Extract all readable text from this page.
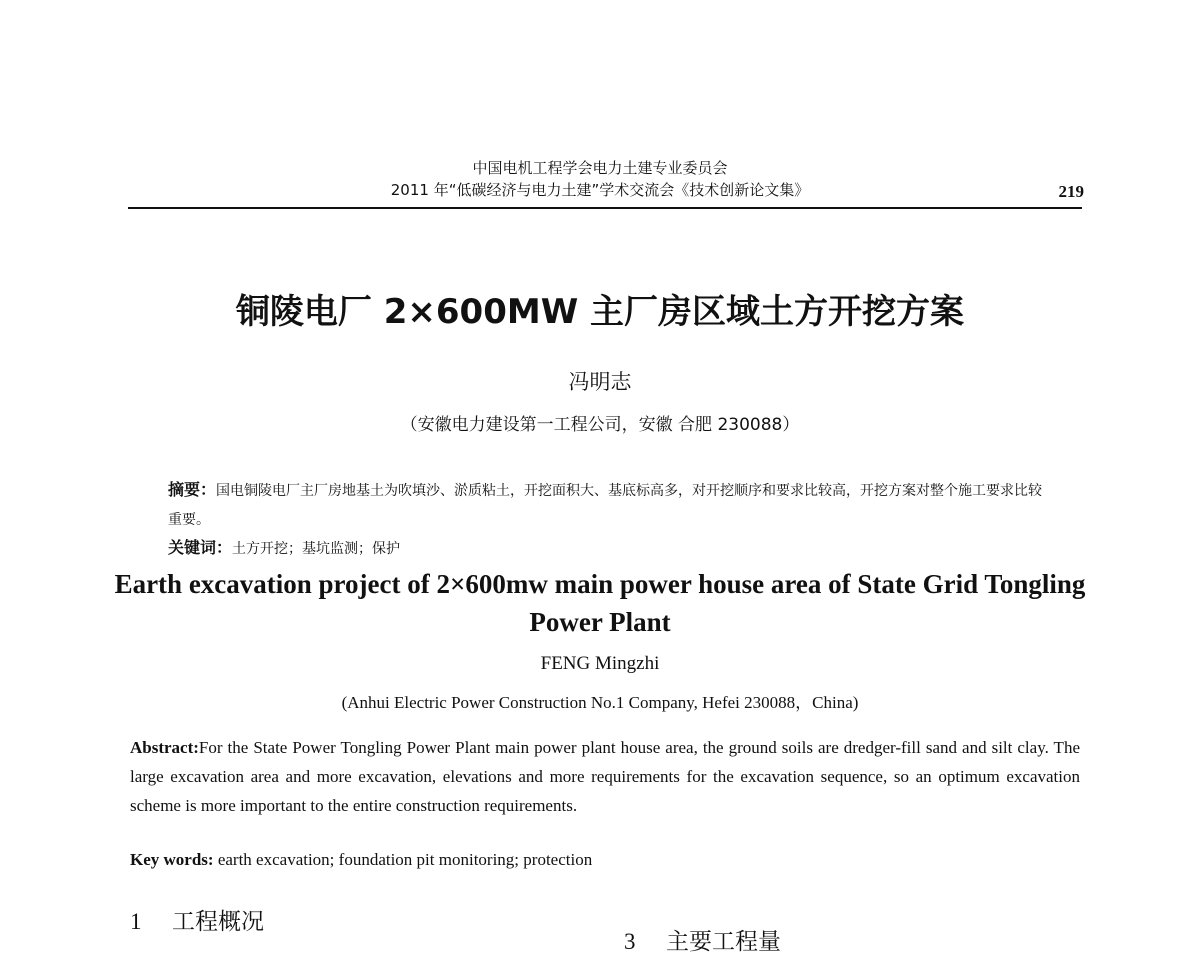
中国电机工程学会电力土建专业委员会
2011 年“低碳经济与电力土建”学术交流会《技术创新论文集》	219
铜陵电厂 2×600MW 主厂房区域土方开挖方案
冯明志
（安徽电力建设第一工程公司，安徽 合肥 230088）

摘要：国电铜陵电厂主厂房地基土为吹填沙、淤质粘土，开挖面积大、基底标高多，对开挖顺序和要求比较高，开挖方案对整个施工要求比较重要。

关键词：土方开挖；基坑监测；保护

Earth excavation project of 2×600mw main power house area of State Grid Tongling Power Plant
FENG Mingzhi
(Anhui Electric Power Construction No.1 Company, Hefei 230088，China)

Abstract:For the State Power Tongling Power Plant main power plant house area, the ground soils are dredger-fill sand and silt clay. The large excavation area and more excavation, elevations and more requirements for the excavation sequence, so an optimum excavation scheme is more important to the entire construction requirements.

Key words: earth excavation; foundation pit monitoring; protection

1 工程概况
3 主要工程量
